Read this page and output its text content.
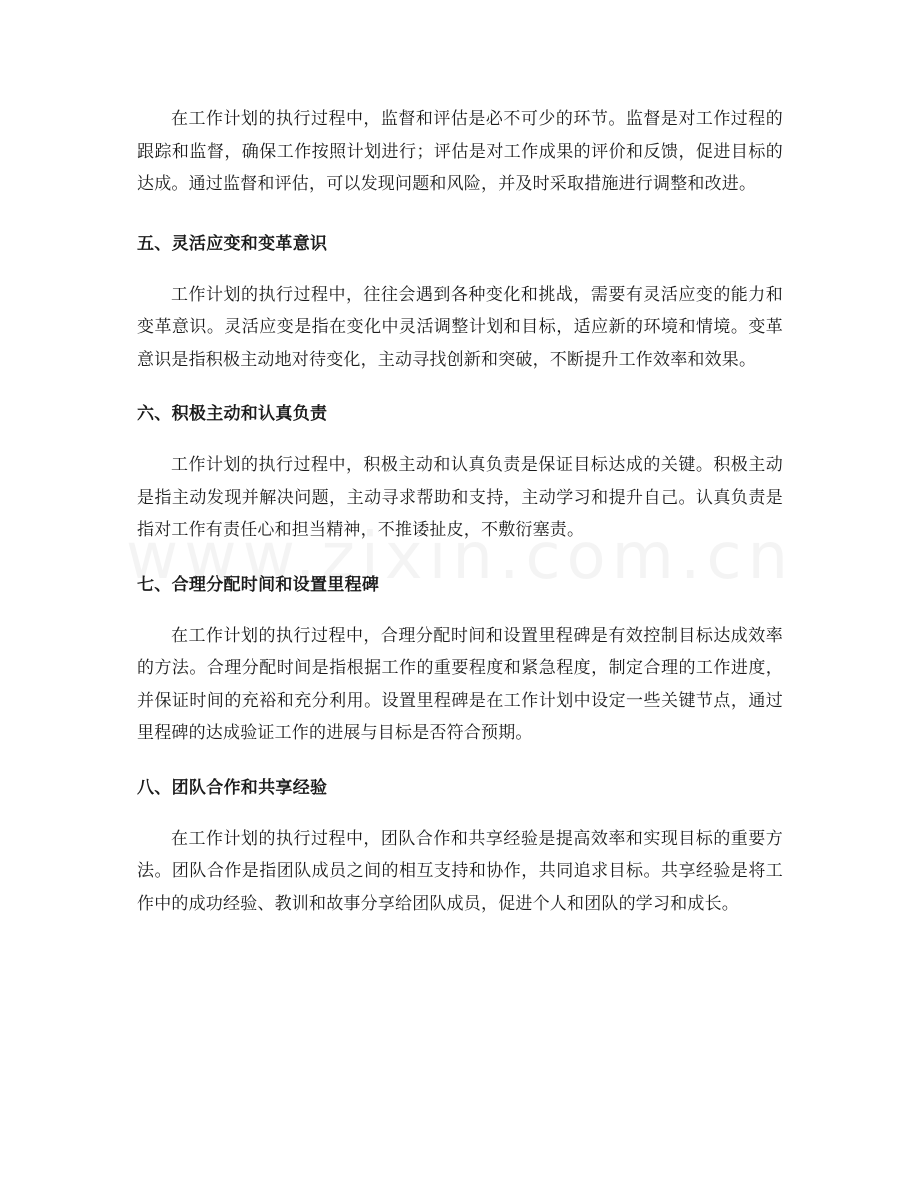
在工作计划的执行过程中，监督和评估是必不可少的环节。监督是对工作过程的跟踪和监督，确保工作按照计划进行；评估是对工作成果的评价和反馈，促进目标的达成。通过监督和评估，可以发现问题和风险，并及时采取措施进行调整和改进。

五、灵活应变和变革意识

工作计划的执行过程中，往往会遇到各种变化和挑战，需要有灵活应变的能力和变革意识。灵活应变是指在变化中灵活调整计划和目标，适应新的环境和情境。变革意识是指积极主动地对待变化，主动寻找创新和突破，不断提升工作效率和效果。

六、积极主动和认真负责

工作计划的执行过程中，积极主动和认真负责是保证目标达成的关键。积极主动是指主动发现并解决问题，主动寻求帮助和支持，主动学习和提升自己。认真负责是指对工作有责任心和担当精神，不推诿扯皮，不敷衍塞责。

七、合理分配时间和设置里程碑

在工作计划的执行过程中，合理分配时间和设置里程碑是有效控制目标达成效率的方法。合理分配时间是指根据工作的重要程度和紧急程度，制定合理的工作进度，并保证时间的充裕和充分利用。设置里程碑是在工作计划中设定一些关键节点，通过里程碑的达成验证工作的进展与目标是否符合预期。

八、团队合作和共享经验

在工作计划的执行过程中，团队合作和共享经验是提高效率和实现目标的重要方法。团队合作是指团队成员之间的相互支持和协作，共同追求目标。共享经验是将工作中的成功经验、教训和故事分享给团队成员，促进个人和团队的学习和成长。
